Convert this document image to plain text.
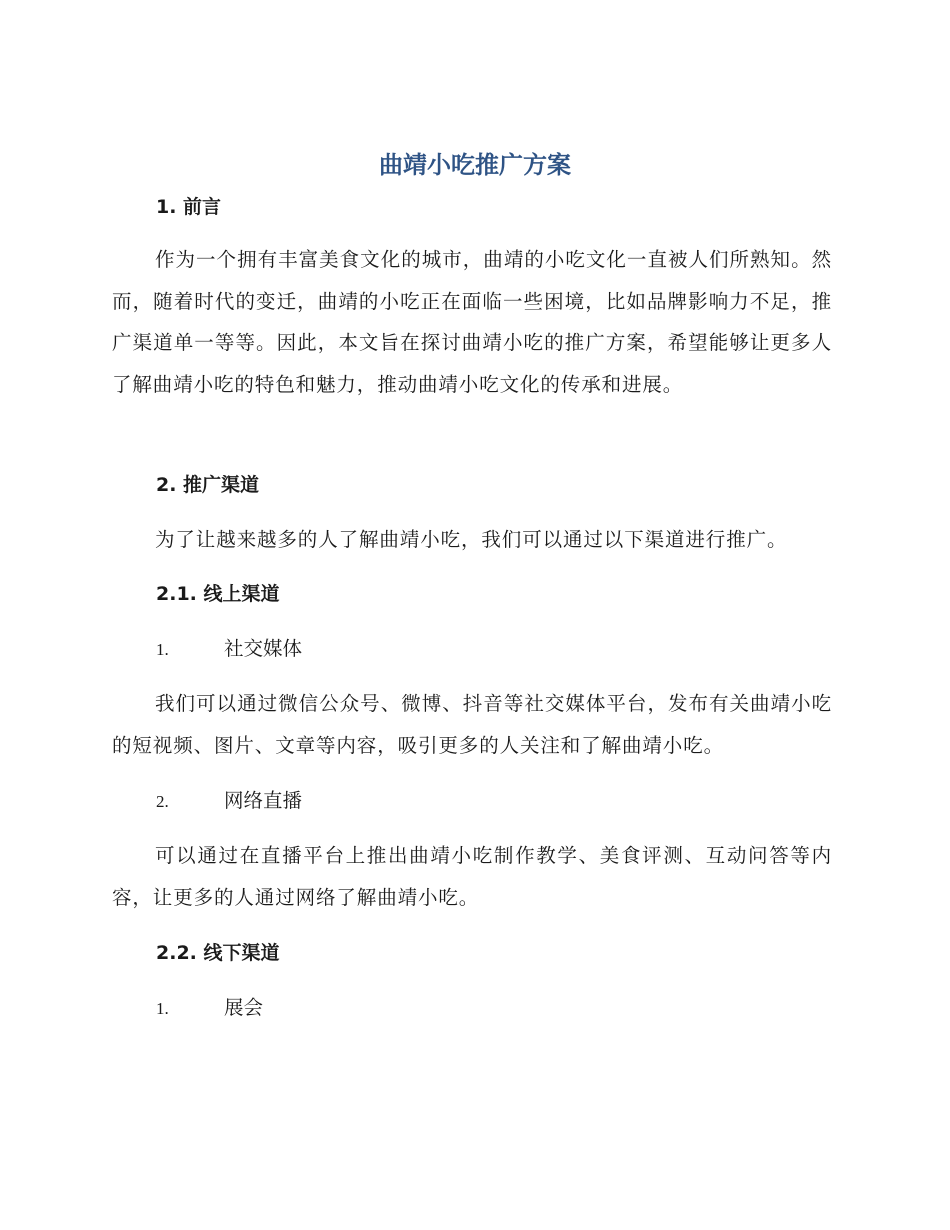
曲靖小吃推广方案
1. 前言

作为一个拥有丰富美食文化的城市，曲靖的小吃文化一直被人们所熟知。然而，随着时代的变迁，曲靖的小吃正在面临一些困境，比如品牌影响力不足，推广渠道单一等等。因此，本文旨在探讨曲靖小吃的推广方案，希望能够让更多人了解曲靖小吃的特色和魅力，推动曲靖小吃文化的传承和进展。

2. 推广渠道

为了让越来越多的人了解曲靖小吃，我们可以通过以下渠道进行推广。

2.1. 线上渠道
1.	社交媒体

我们可以通过微信公众号、微博、抖音等社交媒体平台，发布有关曲靖小吃的短视频、图片、文章等内容，吸引更多的人关注和了解曲靖小吃。

2.	网络直播

可以通过在直播平台上推出曲靖小吃制作教学、美食评测、互动问答等内容，让更多的人通过网络了解曲靖小吃。

2.2. 线下渠道
1.	展会
